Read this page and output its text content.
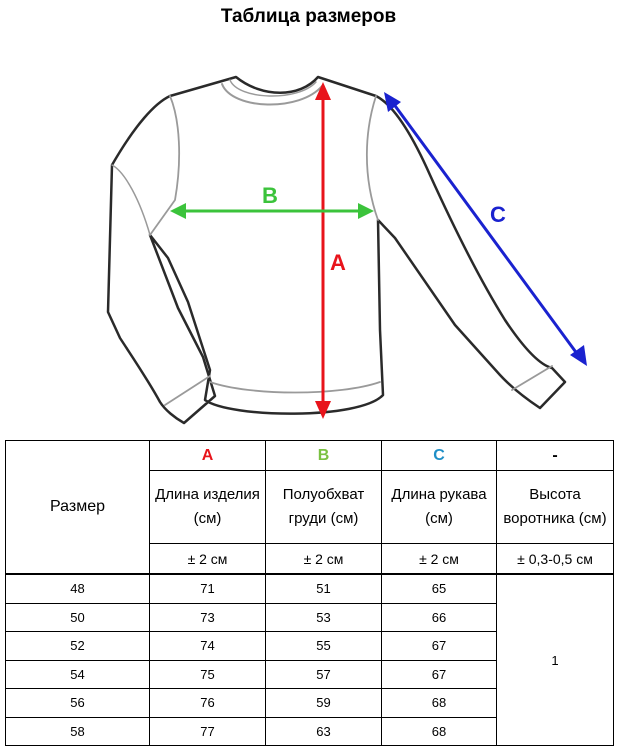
Таблица размеров
A
B
C
Размер	A	B	C	-
	Длина изделия (см)	Полуобхват груди (см)	Длина рукава (см)	Высота воротника (см)
	± 2 см	± 2 см	± 2 см	± 0,3-0,5 см
48	71	51	65	1
50	73	53	66	
52	74	55	67	
54	75	57	67	
56	76	59	68	
58	77	63	68	
